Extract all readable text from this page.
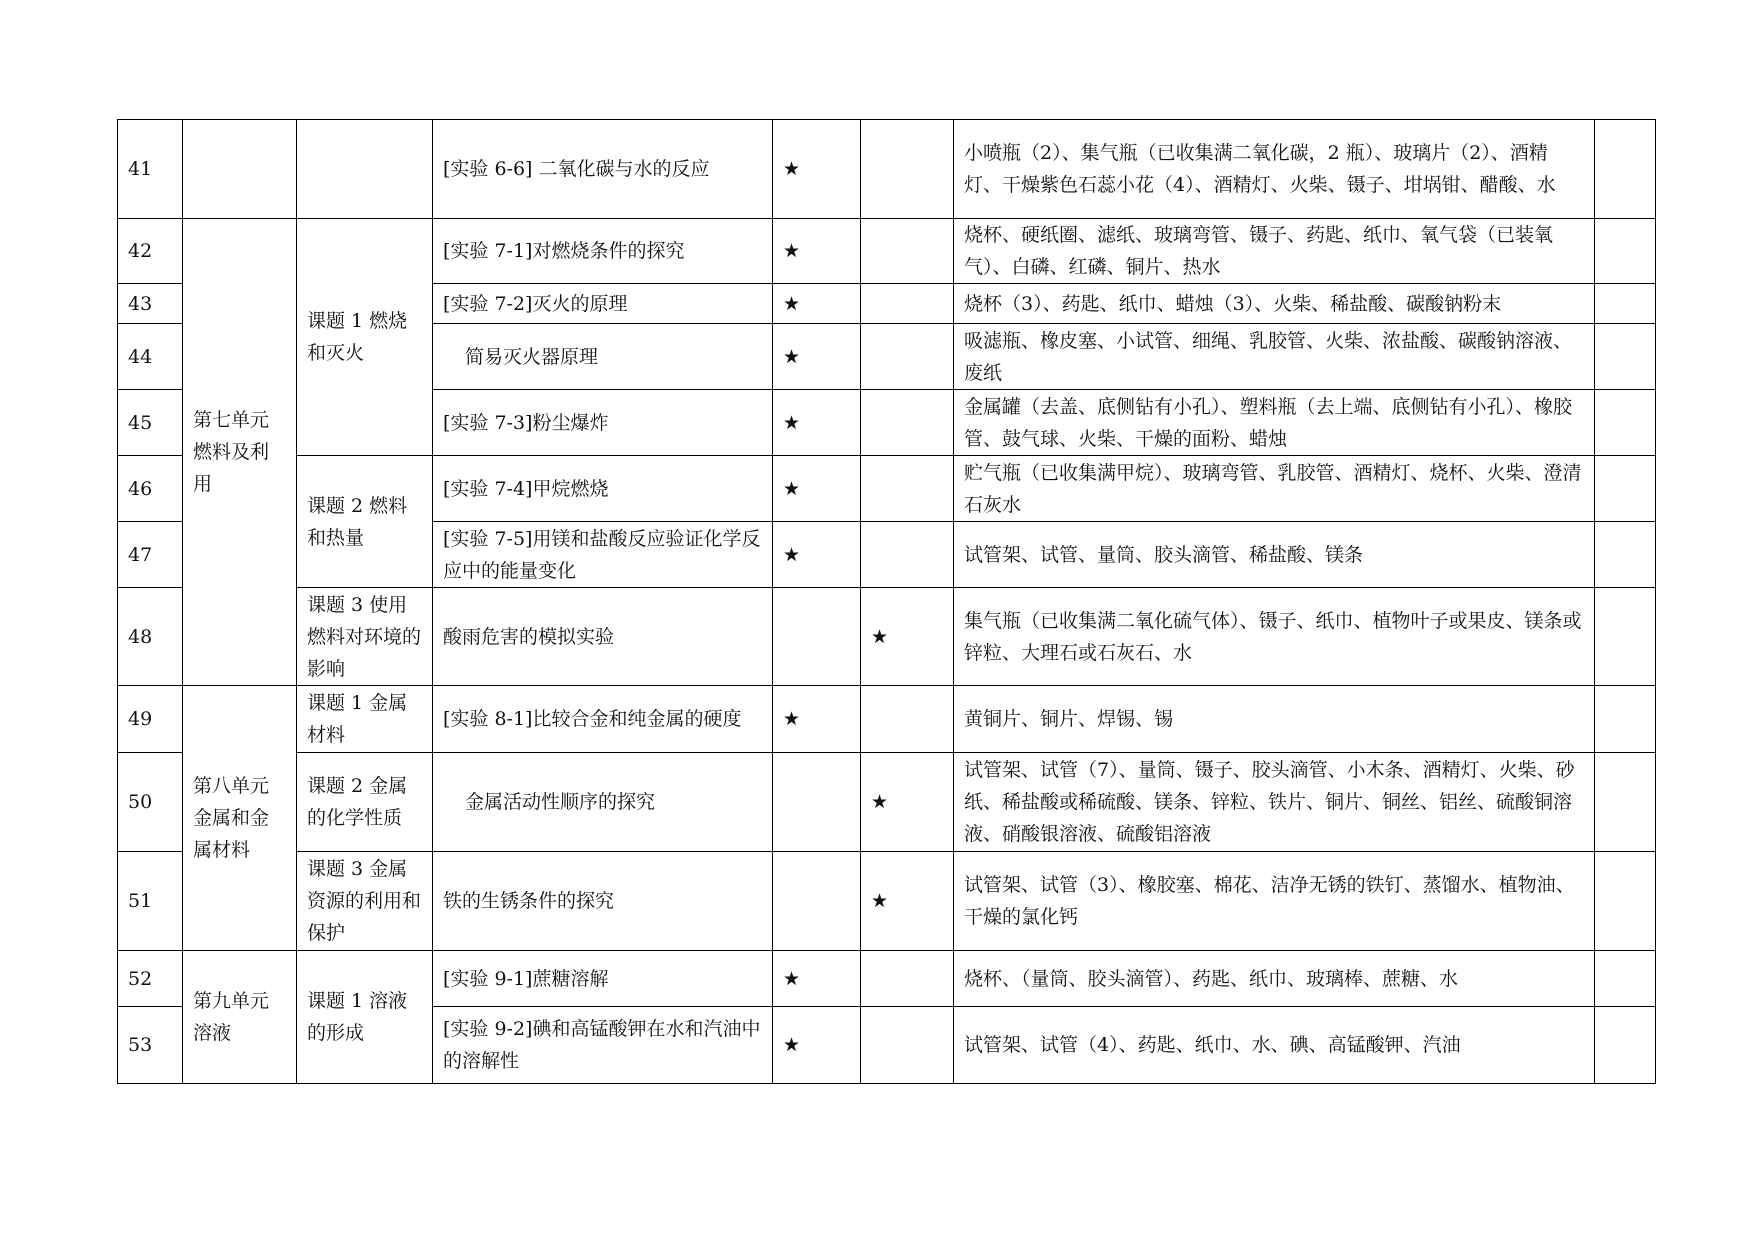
41			[实验 6-6] 二氧化碳与水的反应	★		小喷瓶（2）、集气瓶（已收集满二氧化碳，2 瓶）、玻璃片（2）、酒精灯、干燥紫色石蕊小花（4）、酒精灯、火柴、镊子、坩埚钳、醋酸、水	
42	第七单元燃料及利用	课题 1 燃烧和灭火	[实验 7-1]对燃烧条件的探究	★		烧杯、硬纸圈、滤纸、玻璃弯管、镊子、药匙、纸巾、氧气袋（已装氧气）、白磷、红磷、铜片、热水	
43			[实验 7-2]灭火的原理	★		烧杯（3）、药匙、纸巾、蜡烛（3）、火柴、稀盐酸、碳酸钠粉末	
44			简易灭火器原理	★		吸滤瓶、橡皮塞、小试管、细绳、乳胶管、火柴、浓盐酸、碳酸钠溶液、废纸	
45			[实验 7-3]粉尘爆炸	★		金属罐（去盖、底侧钻有小孔）、塑料瓶（去上端、底侧钻有小孔）、橡胶管、鼓气球、火柴、干燥的面粉、蜡烛	
46		课题 2 燃料和热量	[实验 7-4]甲烷燃烧	★		贮气瓶（已收集满甲烷）、玻璃弯管、乳胶管、酒精灯、烧杯、火柴、澄清石灰水	
47			[实验 7-5]用镁和盐酸反应验证化学反应中的能量变化	★		试管架、试管、量筒、胶头滴管、稀盐酸、镁条	
48		课题 3 使用燃料对环境的影响	酸雨危害的模拟实验		★	集气瓶（已收集满二氧化硫气体）、镊子、纸巾、植物叶子或果皮、镁条或锌粒、大理石或石灰石、水	
49	第八单元金属和金属材料	课题 1 金属材料	[实验 8-1]比较合金和纯金属的硬度	★		黄铜片、铜片、焊锡、锡	
50		课题 2 金属的化学性质	金属活动性顺序的探究		★	试管架、试管（7）、量筒、镊子、胶头滴管、小木条、酒精灯、火柴、砂纸、稀盐酸或稀硫酸、镁条、锌粒、铁片、铜片、铜丝、铝丝、硫酸铜溶液、硝酸银溶液、硫酸铝溶液	
51		课题 3 金属资源的利用和保护	铁的生锈条件的探究		★	试管架、试管（3）、橡胶塞、棉花、洁净无锈的铁钉、蒸馏水、植物油、干燥的氯化钙	
52	第九单元溶液	课题 1 溶液的形成	[实验 9-1]蔗糖溶解	★		烧杯、（量筒、胶头滴管）、药匙、纸巾、玻璃棒、蔗糖、水	
53			[实验 9-2]碘和高锰酸钾在水和汽油中的溶解性	★		试管架、试管（4）、药匙、纸巾、水、碘、高锰酸钾、汽油	
